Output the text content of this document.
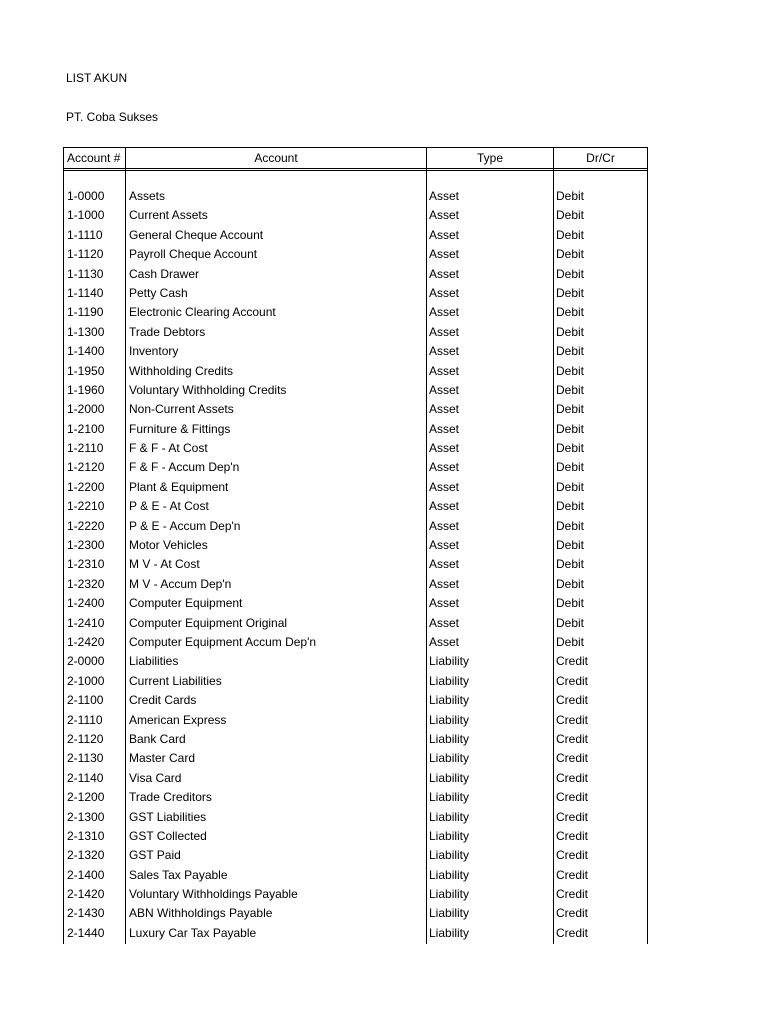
LIST AKUN
PT. Coba Sukses
Account #	Account	Type	Dr/Cr
1-0000	Assets	Asset	Debit
1-1000	Current Assets	Asset	Debit
1-1110	General Cheque Account	Asset	Debit
1-1120	Payroll Cheque Account	Asset	Debit
1-1130	Cash Drawer	Asset	Debit
1-1140	Petty Cash	Asset	Debit
1-1190	Electronic Clearing Account	Asset	Debit
1-1300	Trade Debtors	Asset	Debit
1-1400	Inventory	Asset	Debit
1-1950	Withholding Credits	Asset	Debit
1-1960	Voluntary Withholding Credits	Asset	Debit
1-2000	Non-Current Assets	Asset	Debit
1-2100	Furniture & Fittings	Asset	Debit
1-2110	F & F - At Cost	Asset	Debit
1-2120	F & F - Accum Dep'n	Asset	Debit
1-2200	Plant & Equipment	Asset	Debit
1-2210	P & E - At Cost	Asset	Debit
1-2220	P & E - Accum Dep'n	Asset	Debit
1-2300	Motor Vehicles	Asset	Debit
1-2310	M V - At Cost	Asset	Debit
1-2320	M V - Accum Dep'n	Asset	Debit
1-2400	Computer Equipment	Asset	Debit
1-2410	Computer Equipment Original	Asset	Debit
1-2420	Computer Equipment Accum Dep'n	Asset	Debit
2-0000	Liabilities	Liability	Credit
2-1000	Current Liabilities	Liability	Credit
2-1100	Credit Cards	Liability	Credit
2-1110	American Express	Liability	Credit
2-1120	Bank Card	Liability	Credit
2-1130	Master Card	Liability	Credit
2-1140	Visa Card	Liability	Credit
2-1200	Trade Creditors	Liability	Credit
2-1300	GST Liabilities	Liability	Credit
2-1310	GST Collected	Liability	Credit
2-1320	GST Paid	Liability	Credit
2-1400	Sales Tax Payable	Liability	Credit
2-1420	Voluntary Withholdings Payable	Liability	Credit
2-1430	ABN Withholdings Payable	Liability	Credit
2-1440	Luxury Car Tax Payable	Liability	Credit
